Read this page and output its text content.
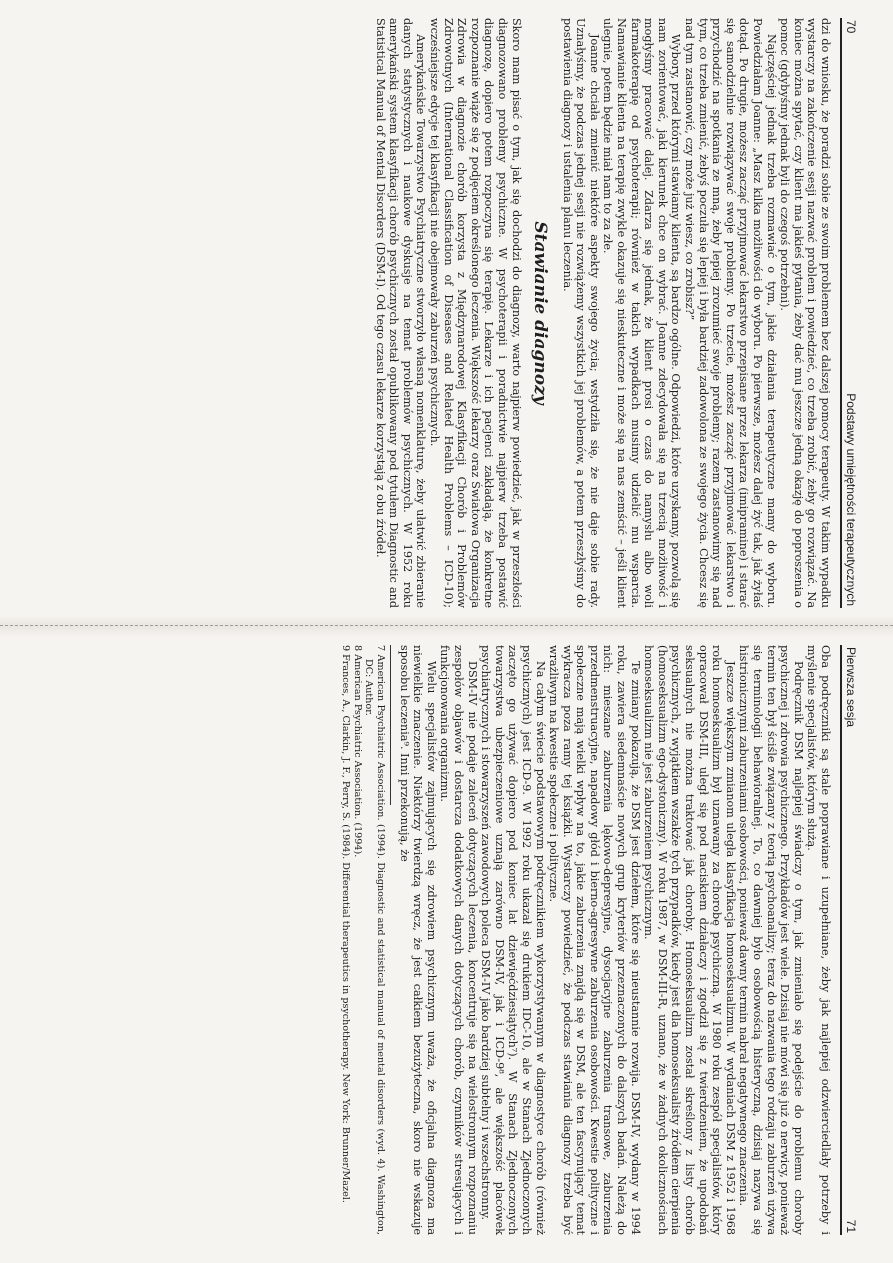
70
Podstawy umiejętności terapeutycznych

dzi do wniosku, że poradzi sobie ze swoim problemem bez dalszej pomocy terapeuty. W takim wypadku wystarczy na zakończenie sesji nazwać problem i powiedzieć, co trzeba zrobić, żeby go rozwiązać. Na koniec można spytać, czy klient ma jakieś pytania, żeby dać mu jeszcze jedną okazję do poproszenia o pomoc (gdybyśmy jednak byli do czegoś potrzebni).

Najczęściej jednak trzeba rozmawiać o tym, jakie działania terapeutyczne mamy do wyboru. Powiedziałam Joanne: „Masz kilka możliwości do wyboru. Po pierwsze, możesz dalej żyć tak, jak żyłaś dotąd. Po drugie, możesz zacząć przyjmować lekarstwo przepisane przez lekarza (imipramine) i starać się samodzielnie rozwiązywać swoje problemy. Po trzecie, możesz zacząć przyjmować lekarstwo i przychodzić na spotkania ze mną, żeby lepiej zrozumieć swoje problemy; razem zastanowimy się nad tym, co trzeba zmienić, żebyś poczuła się lepiej i była bardziej zadowolona ze swojego życia. Chcesz się nad tym zastanowić, czy może już wiesz, co zrobisz?”

Wybory, przed którymi stawiamy klienta, są bardzo ogólne. Odpowiedzi, które uzyskamy, pozwolą się nam zorientować, jaki kierunek chce on wybrać. Joanne zdecydowała się na trzecią możliwość i mogłyśmy pracować dalej. Zdarza się jednak, że klient prosi o czas do namysłu albo woli farmakoterapię od psychoterapii; również w takich wypadkach musimy udzielić mu wsparcia. Namawianie klienta na terapię zwykle okazuje się nieskuteczne i może się na nas zemścić – jeśli klient ulegnie, potem będzie miał nam to za złe.

Joanne chciała zmienić niektóre aspekty swojego życia; wstydziła się, że nie daje sobie rady. Uznałyśmy, że podczas jednej sesji nie rozwiążemy wszystkich jej problemów, a potem przeszłyśmy do postawienia diagnozy i ustalenia planu leczenia.

Stawianie diagnozy

Skoro mam pisać o tym, jak się dochodzi do diagnozy, warto najpierw powiedzieć, jak w przeszłości diagnozowano problemy psychiczne. W psychoterapii i poradnictwie najpierw trzeba postawić diagnozę, dopiero potem rozpoczyna się terapię. Lekarze i ich pacjenci zakładają, że konkretne rozpoznanie wiąże się z podjęciem określonego leczenia. Większość lekarzy oraz Światowa Organizacja Zdrowia w diagnozie chorób korzysta z Międzynarodowej Klasyfikacji Chorób i Problemów Zdrowotnych (International Classification of Diseases and Related Health Problems – ICD-10); wcześniejsze edycje tej klasyfikacji nie obejmowały zaburzeń psychicznych.

Amerykańskie Towarzystwo Psychiatryczne stworzyło własną nomenklaturę, żeby ułatwić zbieranie danych statystycznych i naukowe dyskusje na temat problemów psychicznych. W 1952 roku amerykański system klasyfikacji chorób psychicznych został opublikowany pod tytułem Diagnostic and Statistical Manual of Mental Disorders (DSM-I). Od tego czasu lekarze korzystają z obu źródeł.

Pierwsza sesja
71

Oba podręczniki są stale poprawiane i uzupełniane, żeby jak najlepiej odzwierciedlały potrzeby i myślenie specjalistów, którym służą.

Podręcznik DSM najlepiej świadczy o tym, jak zmieniało się podejście do problemu choroby psychicznej i zdrowia psychicznego. Przykładów jest wiele. Dzisiaj nie mówi się już o nerwicy, ponieważ termin ten był ściśle związany z teorią psychoanalizy; teraz do nazwania tego rodzaju zaburzeń używa się terminologii behawioralnej. To, co dawniej było osobowością histeryczną, dzisiaj nazywa się histrionicznymi zaburzeniami osobowości, ponieważ dawny termin nabrał negatywnego znaczenia.

Jeszcze większym zmianom uległa klasyfikacja homoseksualizmu. W wydaniach DSM z 1952 i 1968 roku homoseksualizm był uznawany za chorobę psychiczną. W 1980 roku zespół specjalistów, który opracował DSM-III, uległ się pod naciskiem działaczy i zgodził się z twierdzeniem, że upodobań seksualnych nie można traktować jak choroby. Homoseksualizm został skreślony z listy chorób psychicznych, z wyjątkiem wszakże tych przypadków, kiedy jest dla homoseksualisty źródłem cierpienia (homoseksualizm ego-dystoniczny). W roku 1987, w DSM-III-R, uznano, że w żadnych okolicznościach homoseksualizm nie jest zaburzeniem psychicznym.

Te zmiany pokazują, że DSM jest dziełem, które się nieustannie rozwija. DSM-IV, wydany w 1994 roku, zawiera siedemnaście nowych grup kryteriów przeznaczonych do dalszych badań. Należą do nich: mieszane zaburzenia lękowo-depresyjne, dysocjacyjne zaburzenia transowe, zaburzenia przedmenstruacyjne, napadowy głód i bierno-agresywne zaburzenia osobowości. Kwestie polityczne i społeczne mają wielki wpływ na to, jakie zaburzenia znajdą się w DSM, ale ten fascynujący temat wykracza poza ramy tej książki. Wystarczy powiedzieć, że podczas stawiania diagnozy trzeba być wrażliwym na kwestie społeczne i polityczne.

Na całym świecie podstawowym podręcznikiem wykorzystywanym w diagnostyce chorób (również psychicznych) jest ICD-9. W 1992 roku ukazał się drukiem IDC-10, ale w Stanach Zjednoczonych zaczęto go używać dopiero pod koniec lat dziewięćdziesiątych⁷). W Stanach Zjednoczonych towarzystwa ubezpieczeniowe uznają zarówno DSM-IV, jak i ICD-9⁸, ale większość placówek psychiatrycznych i stowarzyszeń zawodowych poleca DSM-IV jako bardziej subtelny i wszechstronny.

DSM-IV nie podaje zaleceń dotyczących leczenia, koncentruje się na wielostronnym rozpoznaniu zespołów objawów i dostarcza dodatkowych danych dotyczących chorób, czynników stresujących i funkcjonowania organizmu.

Wielu specjalistów zajmujących się zdrowiem psychicznym uważa, że oficjalna diagnoza ma niewielkie znaczenie. Niektórzy twierdzą wręcz, że jest całkiem bezużyteczna, skoro nie wskazuje sposobu leczenia⁹. Inni przekonują, że

7 American Psychiatric Association. (1994). Diagnostic and statistical manual of mental disorders (wyd. 4). Washington, DC: Author.
8 American Psychiatric Association. (1994).
9 Frances, A., Clarkin, J. F., Perry, S. (1984). Differential therapeutics in psychotherapy. New York: Brunner/Mazel.
